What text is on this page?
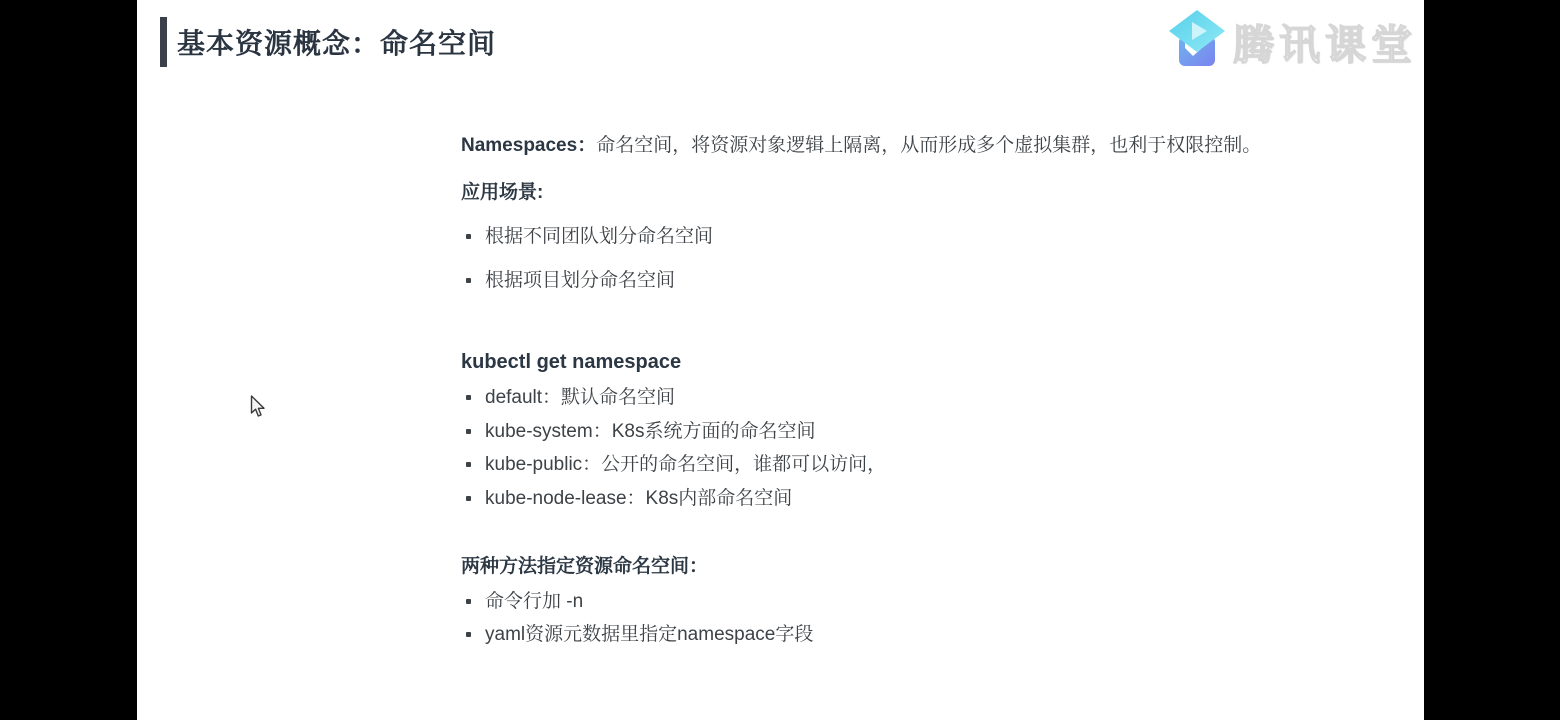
基本资源概念：命名空间	腾讯课堂
Namespaces：命名空间，将资源对象逻辑上隔离，从而形成多个虚拟集群，也利于权限控制。
应用场景:
根据不同团队划分命名空间
根据项目划分命名空间
kubectl get namespace
default：默认命名空间
kube-system：K8s系统方面的命名空间
kube-public：公开的命名空间，谁都可以访问，
kube-node-lease：K8s内部命名空间
两种方法指定资源命名空间：
命令行加 -n
yaml资源元数据里指定namespace字段
